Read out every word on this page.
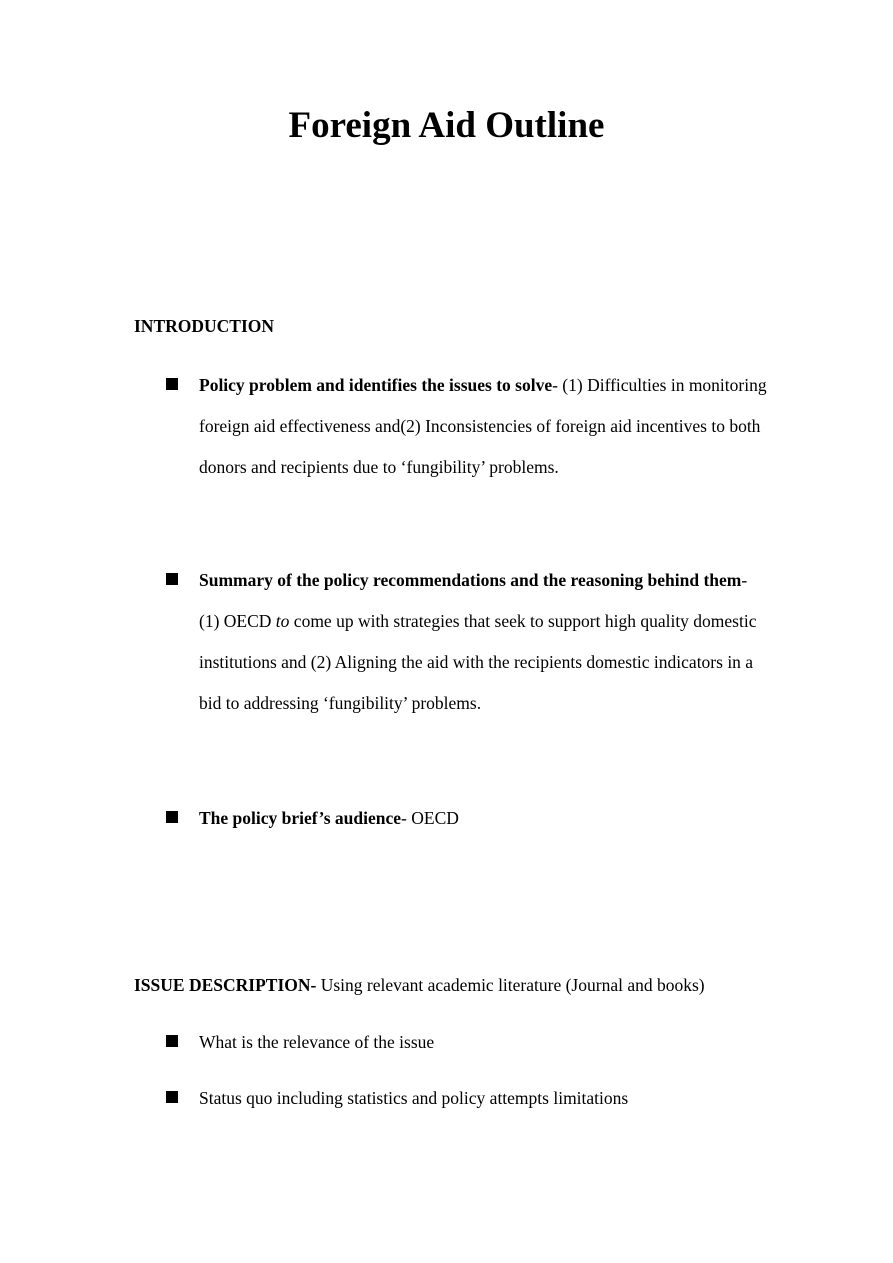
Foreign Aid Outline
INTRODUCTION

Policy problem and identifies the issues to solve- (1) Difficulties in monitoring foreign aid effectiveness and(2) Inconsistencies of foreign aid incentives to both donors and recipients due to ‘fungibility’ problems.

Summary of the policy recommendations and the reasoning behind them- (1) OECD to come up with strategies that seek to support high quality domestic institutions and (2) Aligning the aid with the recipients domestic indicators in a bid to addressing ‘fungibility’ problems.

The policy brief’s audience- OECD

ISSUE DESCRIPTION- Using relevant academic literature (Journal and books)

What is the relevance of the issue

Status quo including statistics and policy attempts limitations
